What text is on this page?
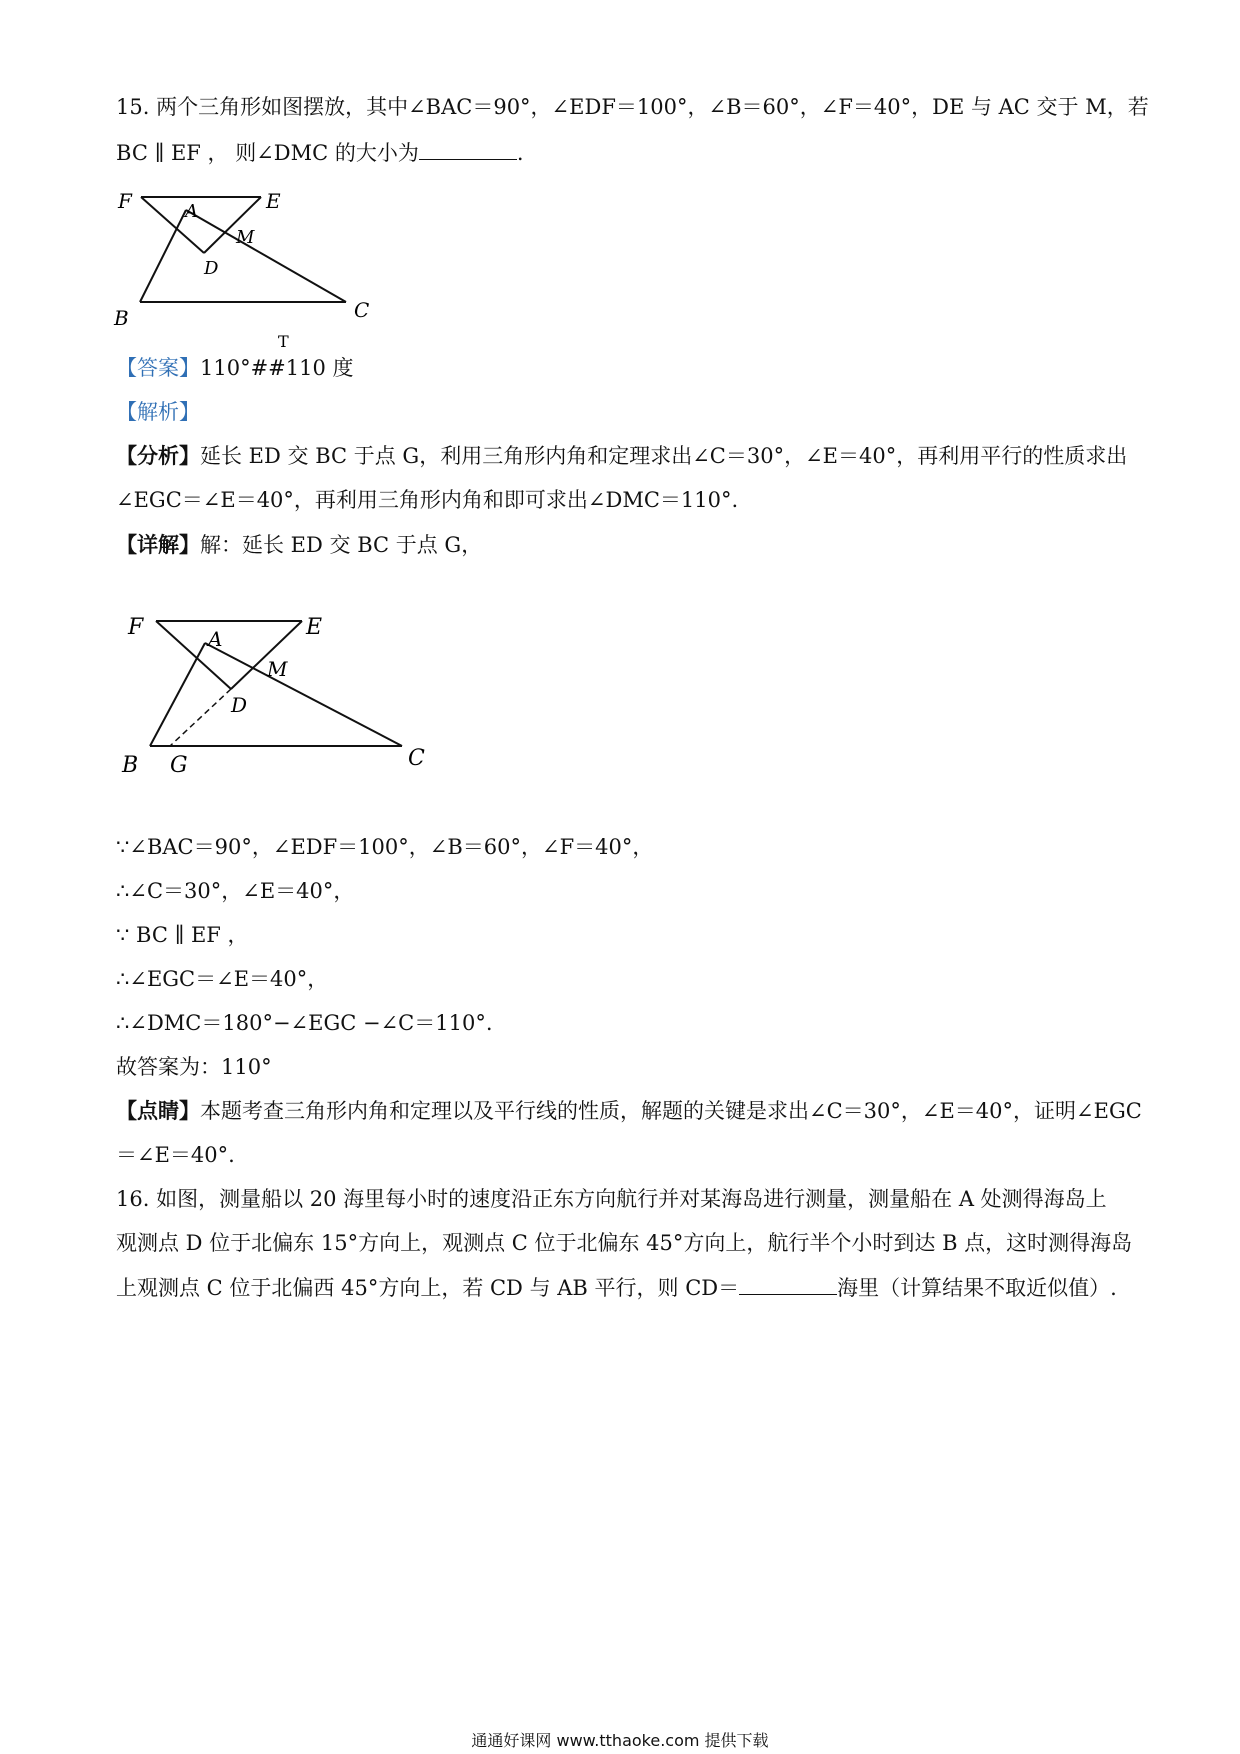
15. 两个三角形如图摆放，其中∠BAC＝90°，∠EDF＝100°，∠B＝60°，∠F＝40°，DE 与 AC 交于 M，若
BC ∥ EF ， 则∠DMC 的大小为	.
F	E
A
M
D
B	C
T
【答案】110°##110 度
【解析】
【分析】延长 ED 交 BC 于点 G，利用三角形内角和定理求出∠C＝30°，∠E＝40°，再利用平行的性质求出
∠EGC＝∠E＝40°，再利用三角形内角和即可求出∠DMC＝110°.
【详解】解：延长 ED 交 BC 于点 G，
F	E
A
M
D
B G	C
∵∠BAC＝90°，∠EDF＝100°，∠B＝60°，∠F＝40°，
∴∠C＝30°，∠E＝40°，
∵ BC ∥ EF ，
∴∠EGC＝∠E＝40°，
∴∠DMC＝180°−∠EGC −∠C＝110°.
故答案为：110°
【点睛】本题考查三角形内角和定理以及平行线的性质，解题的关键是求出∠C＝30°，∠E＝40°，证明∠EGC
＝∠E＝40°.
16. 如图，测量船以 20 海里每小时的速度沿正东方向航行并对某海岛进行测量，测量船在 A 处测得海岛上
观测点 D 位于北偏东 15°方向上，观测点 C 位于北偏东 45°方向上，航行半个小时到达 B 点，这时测得海岛
上观测点 C 位于北偏西 45°方向上，若 CD 与 AB 平行，则 CD＝	海里（计算结果不取近似值）.
通通好课网 www.tthaoke.com 提供下载
